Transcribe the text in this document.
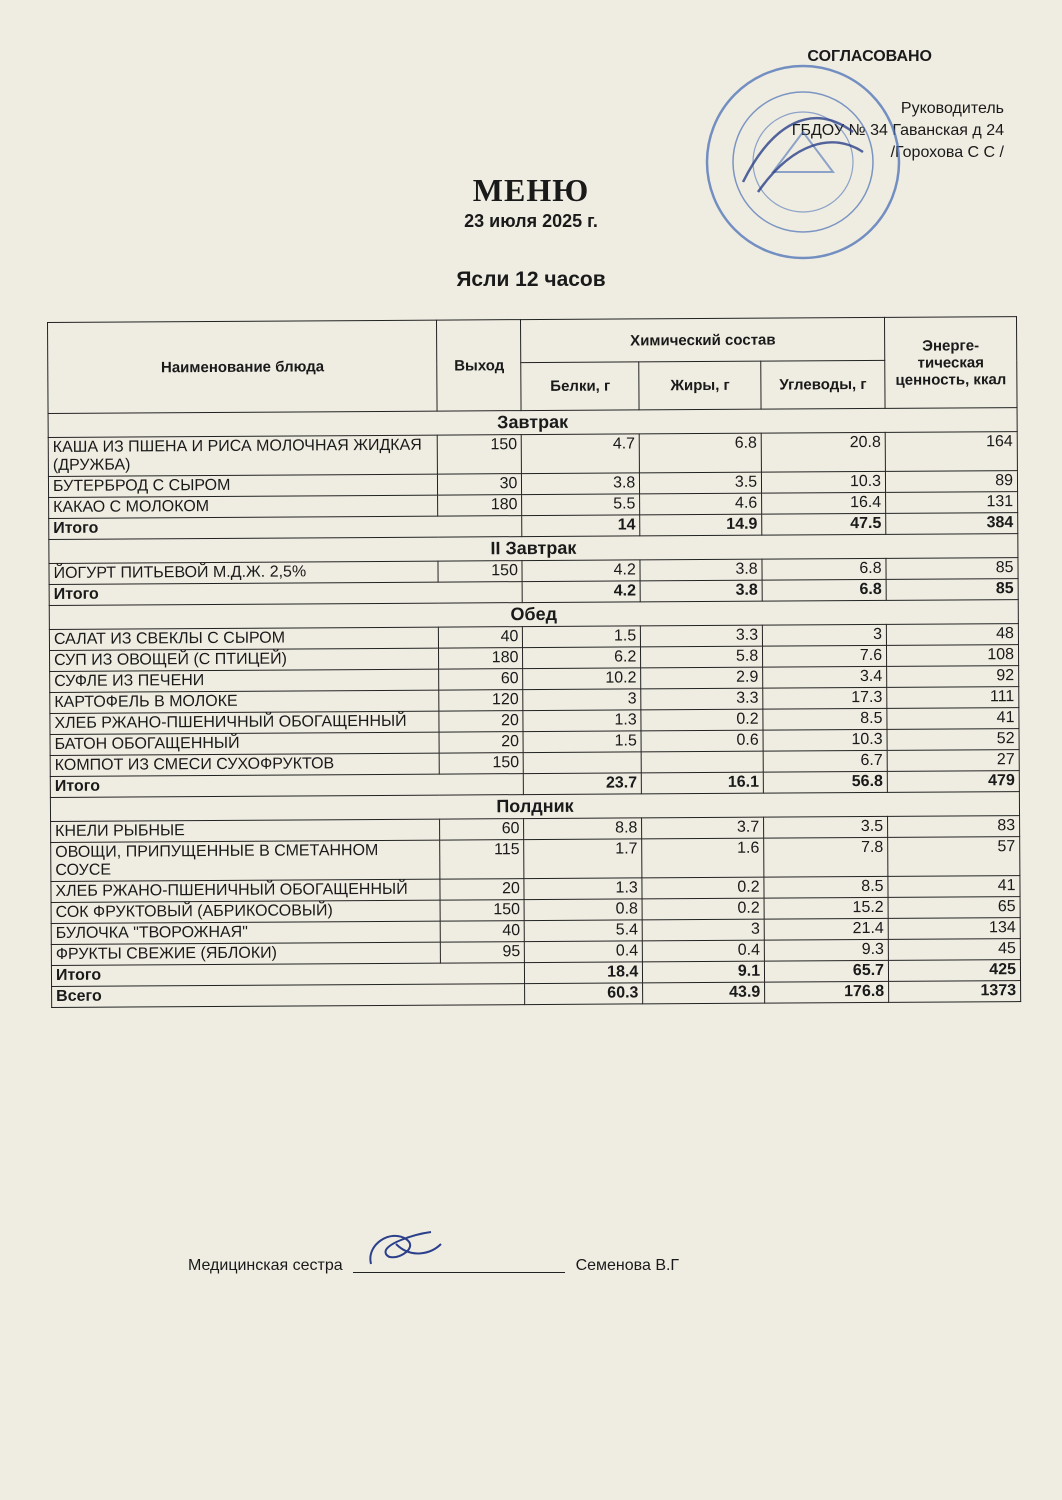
СОГЛАСОВАНО
Руководитель
ГБДОУ № 34 Гаванская д 24
/Горохова С С /
МЕНЮ
23 июля 2025 г.
Ясли 12 часов
Наименование блюда	Выход	Химический состав			Энерге-тическая ценность, ккал
		Белки, г	Жиры, г	Углеводы, г	
Завтрак					
КАША ИЗ ПШЕНА И РИСА МОЛОЧНАЯ ЖИДКАЯ (ДРУЖБА)	150	4.7	6.8	20.8	164
БУТЕРБРОД С СЫРОМ	30	3.8	3.5	10.3	89
КАКАО С МОЛОКОМ	180	5.5	4.6	16.4	131
Итого		14	14.9	47.5	384
II Завтрак					
ЙОГУРТ ПИТЬЕВОЙ М.Д.Ж. 2,5%	150	4.2	3.8	6.8	85
Итого		4.2	3.8	6.8	85
Обед					
САЛАТ ИЗ СВЕКЛЫ С СЫРОМ	40	1.5	3.3	3	48
СУП ИЗ ОВОЩЕЙ (С ПТИЦЕЙ)	180	6.2	5.8	7.6	108
СУФЛЕ ИЗ ПЕЧЕНИ	60	10.2	2.9	3.4	92
КАРТОФЕЛЬ В МОЛОКЕ	120	3	3.3	17.3	111
ХЛЕБ РЖАНО-ПШЕНИЧНЫЙ ОБОГАЩЕННЫЙ	20	1.3	0.2	8.5	41
БАТОН ОБОГАЩЕННЫЙ	20	1.5	0.6	10.3	52
КОМПОТ ИЗ СМЕСИ СУХОФРУКТОВ	150			6.7	27
Итого		23.7	16.1	56.8	479
Полдник					
КНЕЛИ РЫБНЫЕ	60	8.8	3.7	3.5	83
ОВОЩИ, ПРИПУЩЕННЫЕ В СМЕТАННОМ СОУСЕ	115	1.7	1.6	7.8	57
ХЛЕБ РЖАНО-ПШЕНИЧНЫЙ ОБОГАЩЕННЫЙ	20	1.3	0.2	8.5	41
СОК ФРУКТОВЫЙ (АБРИКОСОВЫЙ)	150	0.8	0.2	15.2	65
БУЛОЧКА "ТВОРОЖНАЯ"	40	5.4	3	21.4	134
ФРУКТЫ СВЕЖИЕ (ЯБЛОКИ)	95	0.4	0.4	9.3	45
Итого		18.4	9.1	65.7	425
Всего		60.3	43.9	176.8	1373
Медицинская сестра	Семенова В.Г
